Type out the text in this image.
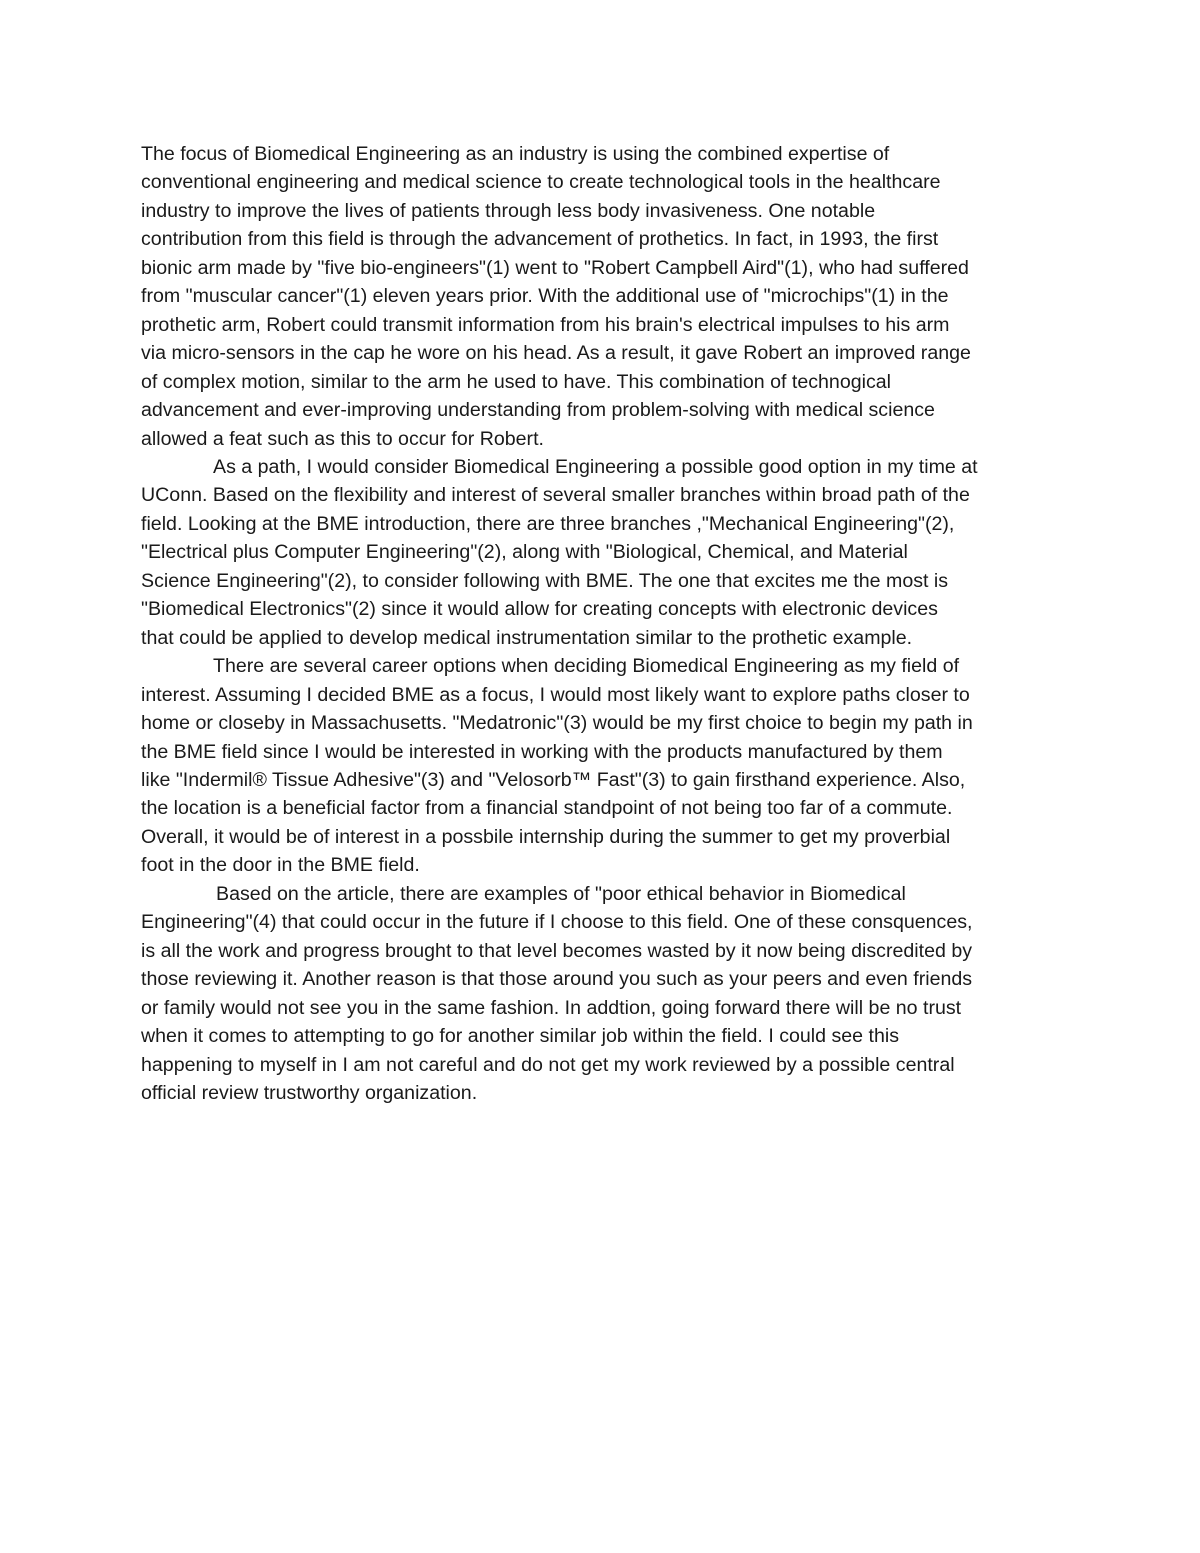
The focus of Biomedical Engineering as an industry is using the combined expertise of
conventional engineering and medical science to create technological tools in the healthcare
industry to improve the lives of patients through less body invasiveness. One notable
contribution from this field is through the advancement of prothetics. In fact, in 1993, the first
bionic arm made by "five bio-engineers"(1) went to "Robert Campbell Aird"(1), who had suffered
from "muscular cancer"(1) eleven years prior. With the additional use of "microchips"(1) in the
prothetic arm, Robert could transmit information from his brain's electrical impulses to his arm
via micro-sensors in the cap he wore on his head. As a result, it gave Robert an improved range
of complex motion, similar to the arm he used to have. This combination of technogical
advancement and ever-improving understanding from problem-solving with medical science
allowed a feat such as this to occur for Robert.

As a path, I would consider Biomedical Engineering a possible good option in my time at
UConn. Based on the flexibility and interest of several smaller branches within broad path of the
field. Looking at the BME introduction, there are three branches ,"Mechanical Engineering"(2),
"Electrical plus Computer Engineering"(2), along with "Biological, Chemical, and Material
Science Engineering"(2), to consider following with BME. The one that excites me the most is
"Biomedical Electronics"(2) since it would allow for creating concepts with electronic devices
that could be applied to develop medical instrumentation similar to the prothetic example.

There are several career options when deciding Biomedical Engineering as my field of
interest. Assuming I decided BME as a focus, I would most likely want to explore paths closer to
home or closeby in Massachusetts. "Medatronic"(3) would be my first choice to begin my path in
the BME field since I would be interested in working with the products manufactured by them
like "Indermil® Tissue Adhesive"(3) and "Velosorb™ Fast"(3) to gain firsthand experience. Also,
the location is a beneficial factor from a financial standpoint of not being too far of a commute.
Overall, it would be of interest in a possbile internship during the summer to get my proverbial
foot in the door in the BME field.

Based on the article, there are examples of "poor ethical behavior in Biomedical
Engineering"(4) that could occur in the future if I choose to this field. One of these consquences,
is all the work and progress brought to that level becomes wasted by it now being discredited by
those reviewing it. Another reason is that those around you such as your peers and even friends
or family would not see you in the same fashion. In addtion, going forward there will be no trust
when it comes to attempting to go for another similar job within the field. I could see this
happening to myself in I am not careful and do not get my work reviewed by a possible central
official review trustworthy organization.
